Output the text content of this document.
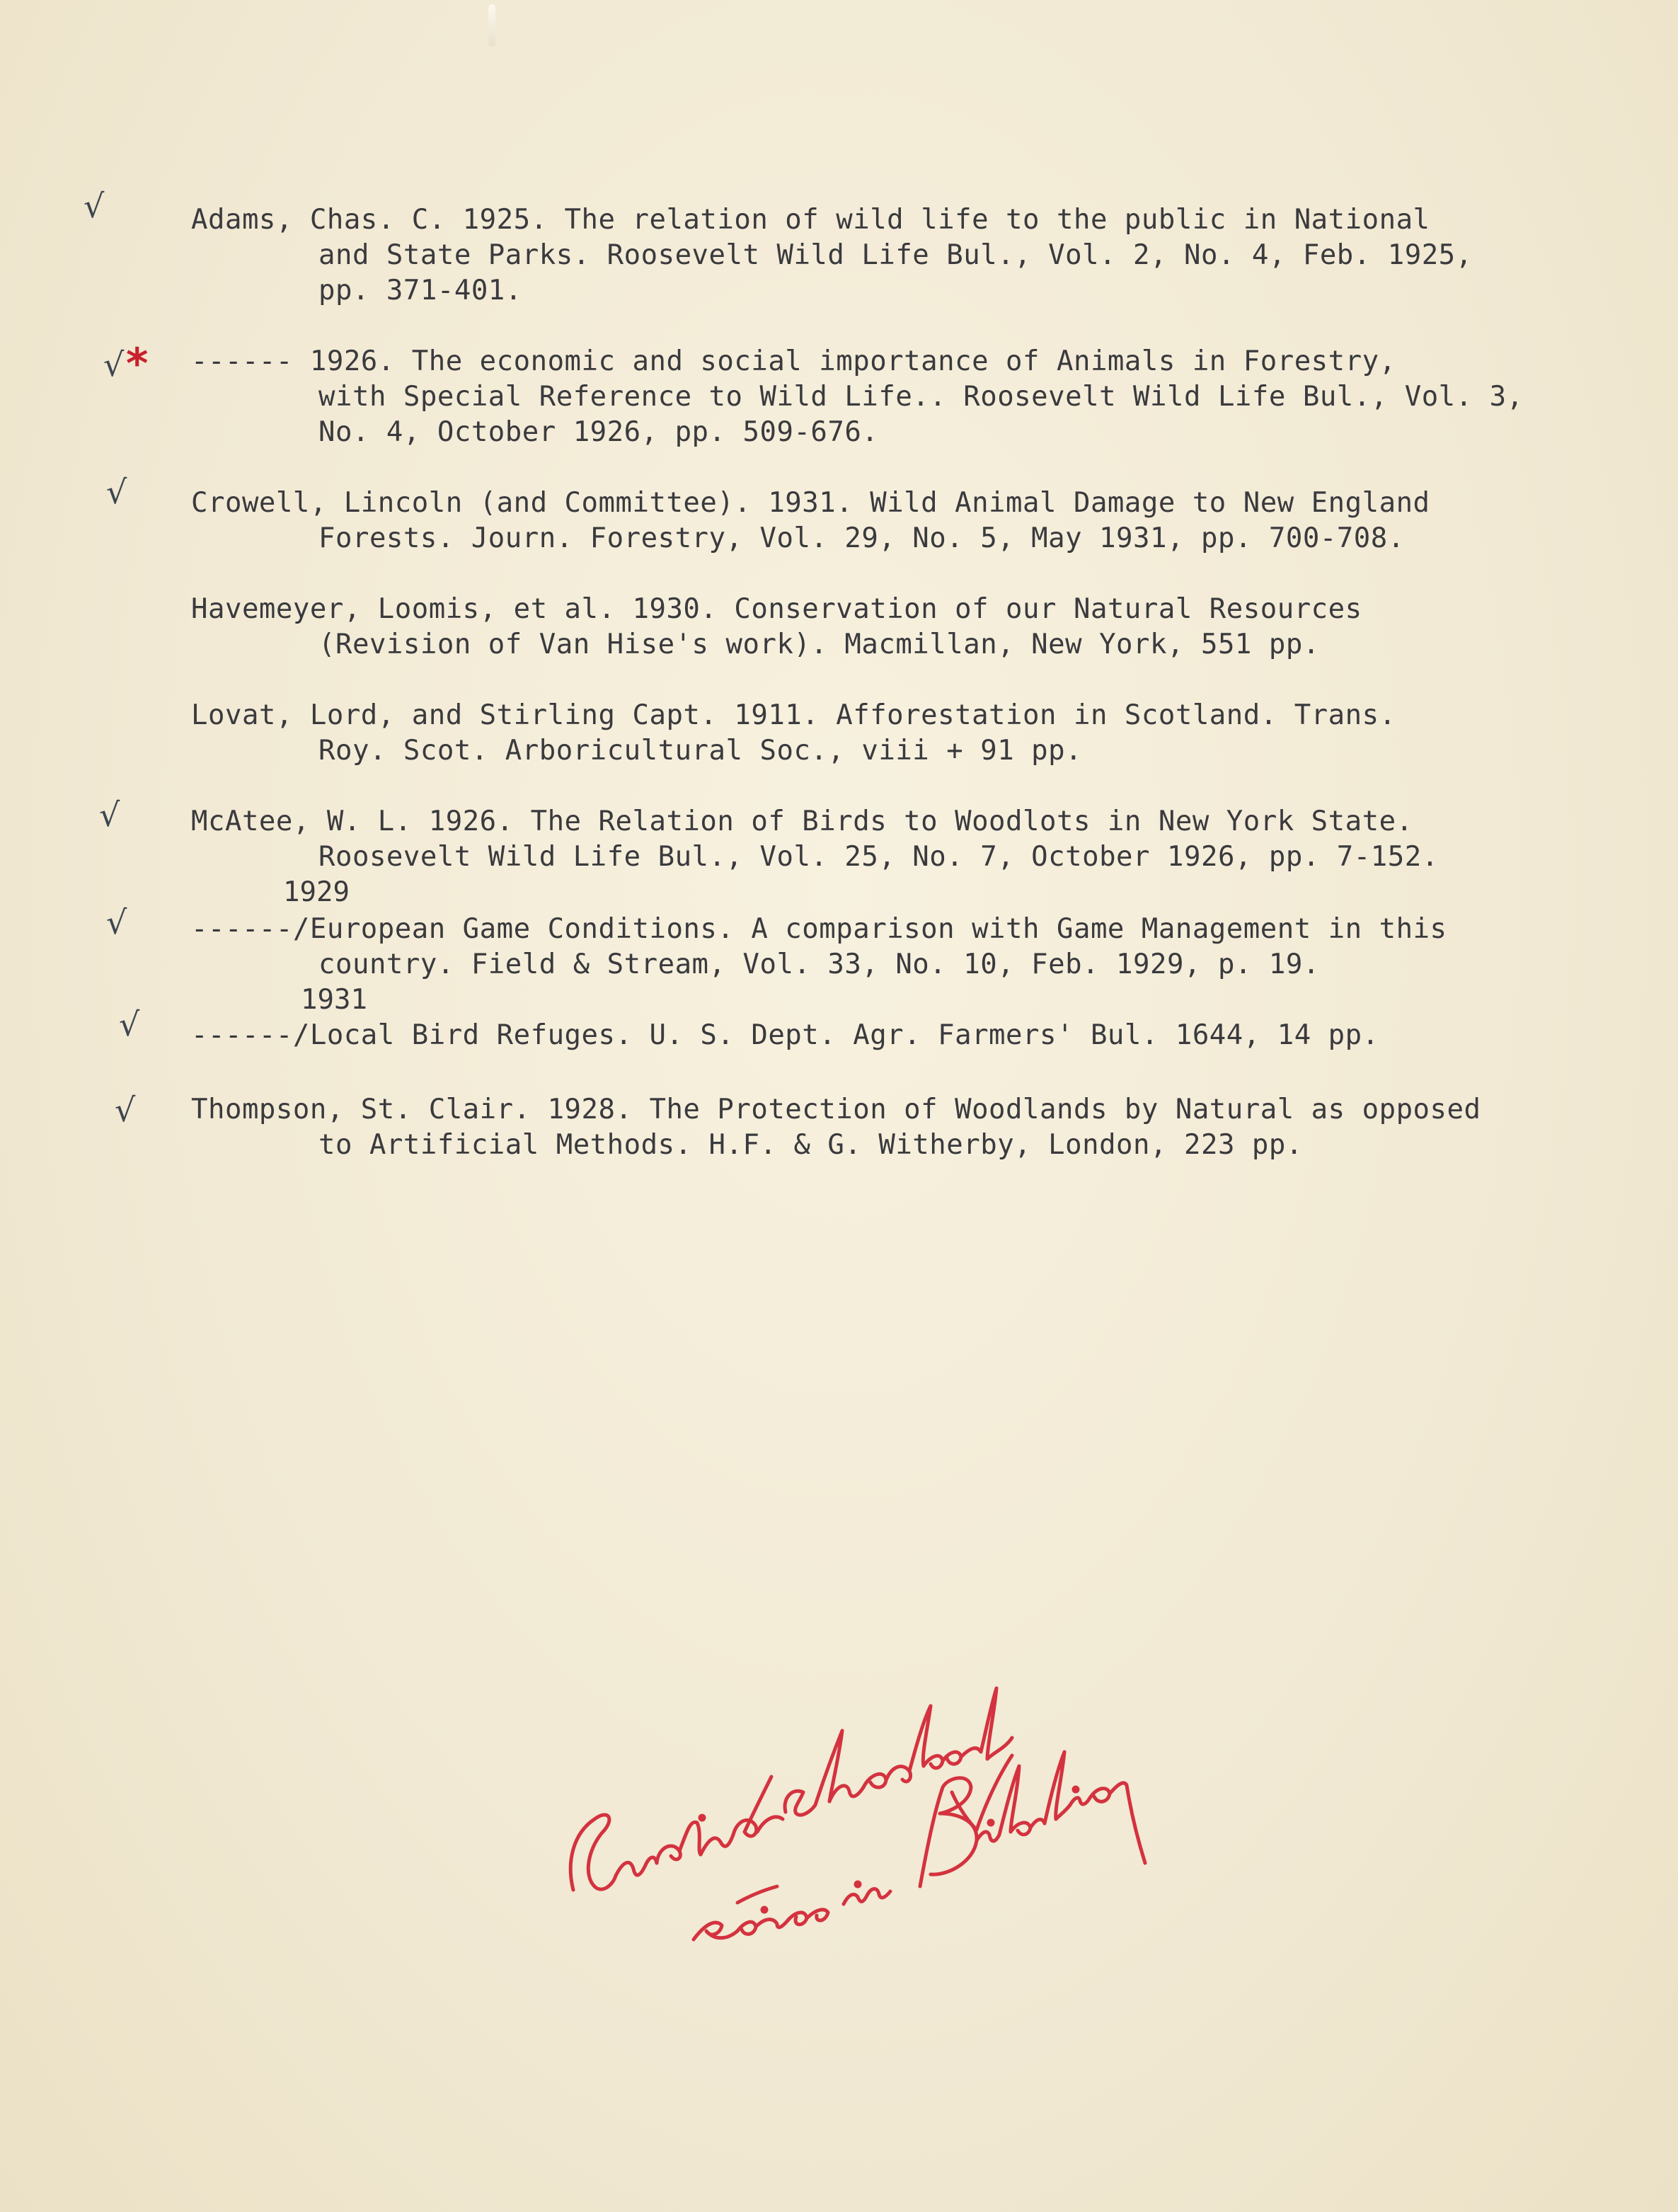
√
√ *
√
√
√
√
√
Adams, Chas. C. 1925. The relation of wild life to the public in National
and State Parks. Roosevelt Wild Life Bul., Vol. 2, No. 4, Feb. 1925,
pp. 371-401.
------ 1926. The economic and social importance of Animals in Forestry,
with Special Reference to Wild Life.. Roosevelt Wild Life Bul., Vol. 3,
No. 4, October 1926, pp. 509-676.
Crowell, Lincoln (and Committee). 1931. Wild Animal Damage to New England
Forests. Journ. Forestry, Vol. 29, No. 5, May 1931, pp. 700-708.
Havemeyer, Loomis, et al. 1930. Conservation of our Natural Resources
(Revision of Van Hise's work). Macmillan, New York, 551 pp.
Lovat, Lord, and Stirling Capt. 1911. Afforestation in Scotland. Trans.
Roy. Scot. Arboricultural Soc., viii + 91 pp.
McAtee, W. L. 1926. The Relation of Birds to Woodlots in New York State.
Roosevelt Wild Life Bul., Vol. 25, No. 7, October 1926, pp. 7-152.
1929
------/European Game Conditions. A comparison with Game Management in this
country. Field & Stream, Vol. 33, No. 10, Feb. 1929, p. 19.
1931
------/Local Bird Refuges. U. S. Dept. Agr. Farmers' Bul. 1644, 14 pp.
Thompson, St. Clair. 1928. The Protection of Woodlands by Natural as opposed
to Artificial Methods. H.F. & G. Witherby, London, 223 pp.
